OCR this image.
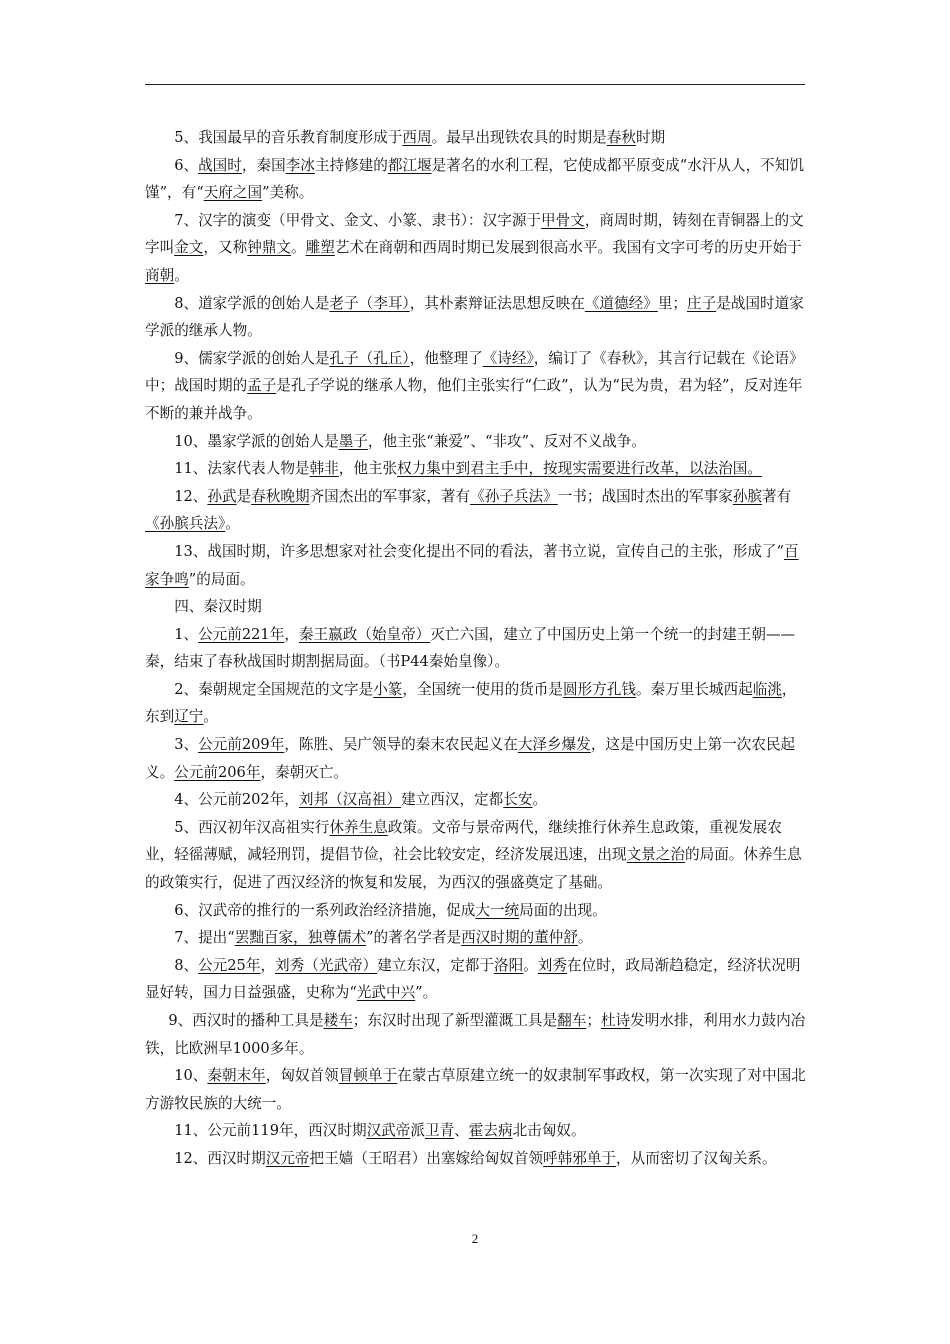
5、我国最早的音乐教育制度形成于西周。最早出现铁农具的时期是春秋时期

6、战国时，秦国李冰主持修建的都江堰是著名的水利工程，它使成都平原变成“水汗从人，不知饥馑”，有“天府之国”美称。

7、汉字的演变（甲骨文、金文、小篆、隶书）：汉字源于甲骨文，商周时期，铸刻在青铜器上的文字叫金文，又称钟鼎文。雕塑艺术在商朝和西周时期已发展到很高水平。我国有文字可考的历史开始于商朝。

8、道家学派的创始人是老子（李耳），其朴素辩证法思想反映在《道德经》里；庄子是战国时道家学派的继承人物。

9、儒家学派的创始人是孔子（孔丘），他整理了《诗经》，编订了《春秋》，其言行记载在《论语》中；战国时期的孟子是孔子学说的继承人物，他们主张实行“仁政”，认为“民为贵，君为轻”，反对连年不断的兼并战争。

10、墨家学派的创始人是墨子，他主张“兼爱”、“非攻”、反对不义战争。

11、法家代表人物是韩非，他主张权力集中到君主手中，按现实需要进行改革，以法治国。

12、孙武是春秋晚期齐国杰出的军事家，著有《孙子兵法》一书；战国时杰出的军事家孙膑著有《孙膑兵法》。

13、战国时期，许多思想家对社会变化提出不同的看法，著书立说，宣传自己的主张，形成了“百家争鸣”的局面。

四、秦汉时期

1、公元前221年，秦王嬴政（始皇帝）灭亡六国，建立了中国历史上第一个统一的封建王朝——秦，结束了春秋战国时期割据局面。（书P44秦始皇像）。

2、秦朝规定全国规范的文字是小篆，全国统一使用的货币是圆形方孔钱。秦万里长城西起临洮，东到辽宁。

3、公元前209年，陈胜、吴广领导的秦末农民起义在大泽乡爆发，这是中国历史上第一次农民起义。公元前206年，秦朝灭亡。

4、公元前202年，刘邦（汉高祖）建立西汉，定都长安。

5、西汉初年汉高祖实行休养生息政策。文帝与景帝两代，继续推行休养生息政策，重视发展农业，轻徭薄赋，减轻刑罚，提倡节俭，社会比较安定，经济发展迅速，出现文景之治的局面。休养生息的政策实行，促进了西汉经济的恢复和发展，为西汉的强盛奠定了基础。

6、汉武帝的推行的一系列政治经济措施，促成大一统局面的出现。

7、提出“罢黜百家，独尊儒术”的著名学者是西汉时期的董仲舒。

8、公元25年，刘秀（光武帝）建立东汉，定都于洛阳。刘秀在位时，政局渐趋稳定，经济状况明显好转，国力日益强盛，史称为“光武中兴”。

9、西汉时的播种工具是耧车；东汉时出现了新型灌溉工具是翻车；杜诗发明水排，利用水力鼓内冶铁，比欧洲早1000多年。

10、秦朝末年，匈奴首领冒顿单于在蒙古草原建立统一的奴隶制军事政权，第一次实现了对中国北方游牧民族的大统一。

11、公元前119年，西汉时期汉武帝派卫青、霍去病北击匈奴。

12、西汉时期汉元帝把王嫱（王昭君）出塞嫁给匈奴首领呼韩邪单于，从而密切了汉匈关系。

2
